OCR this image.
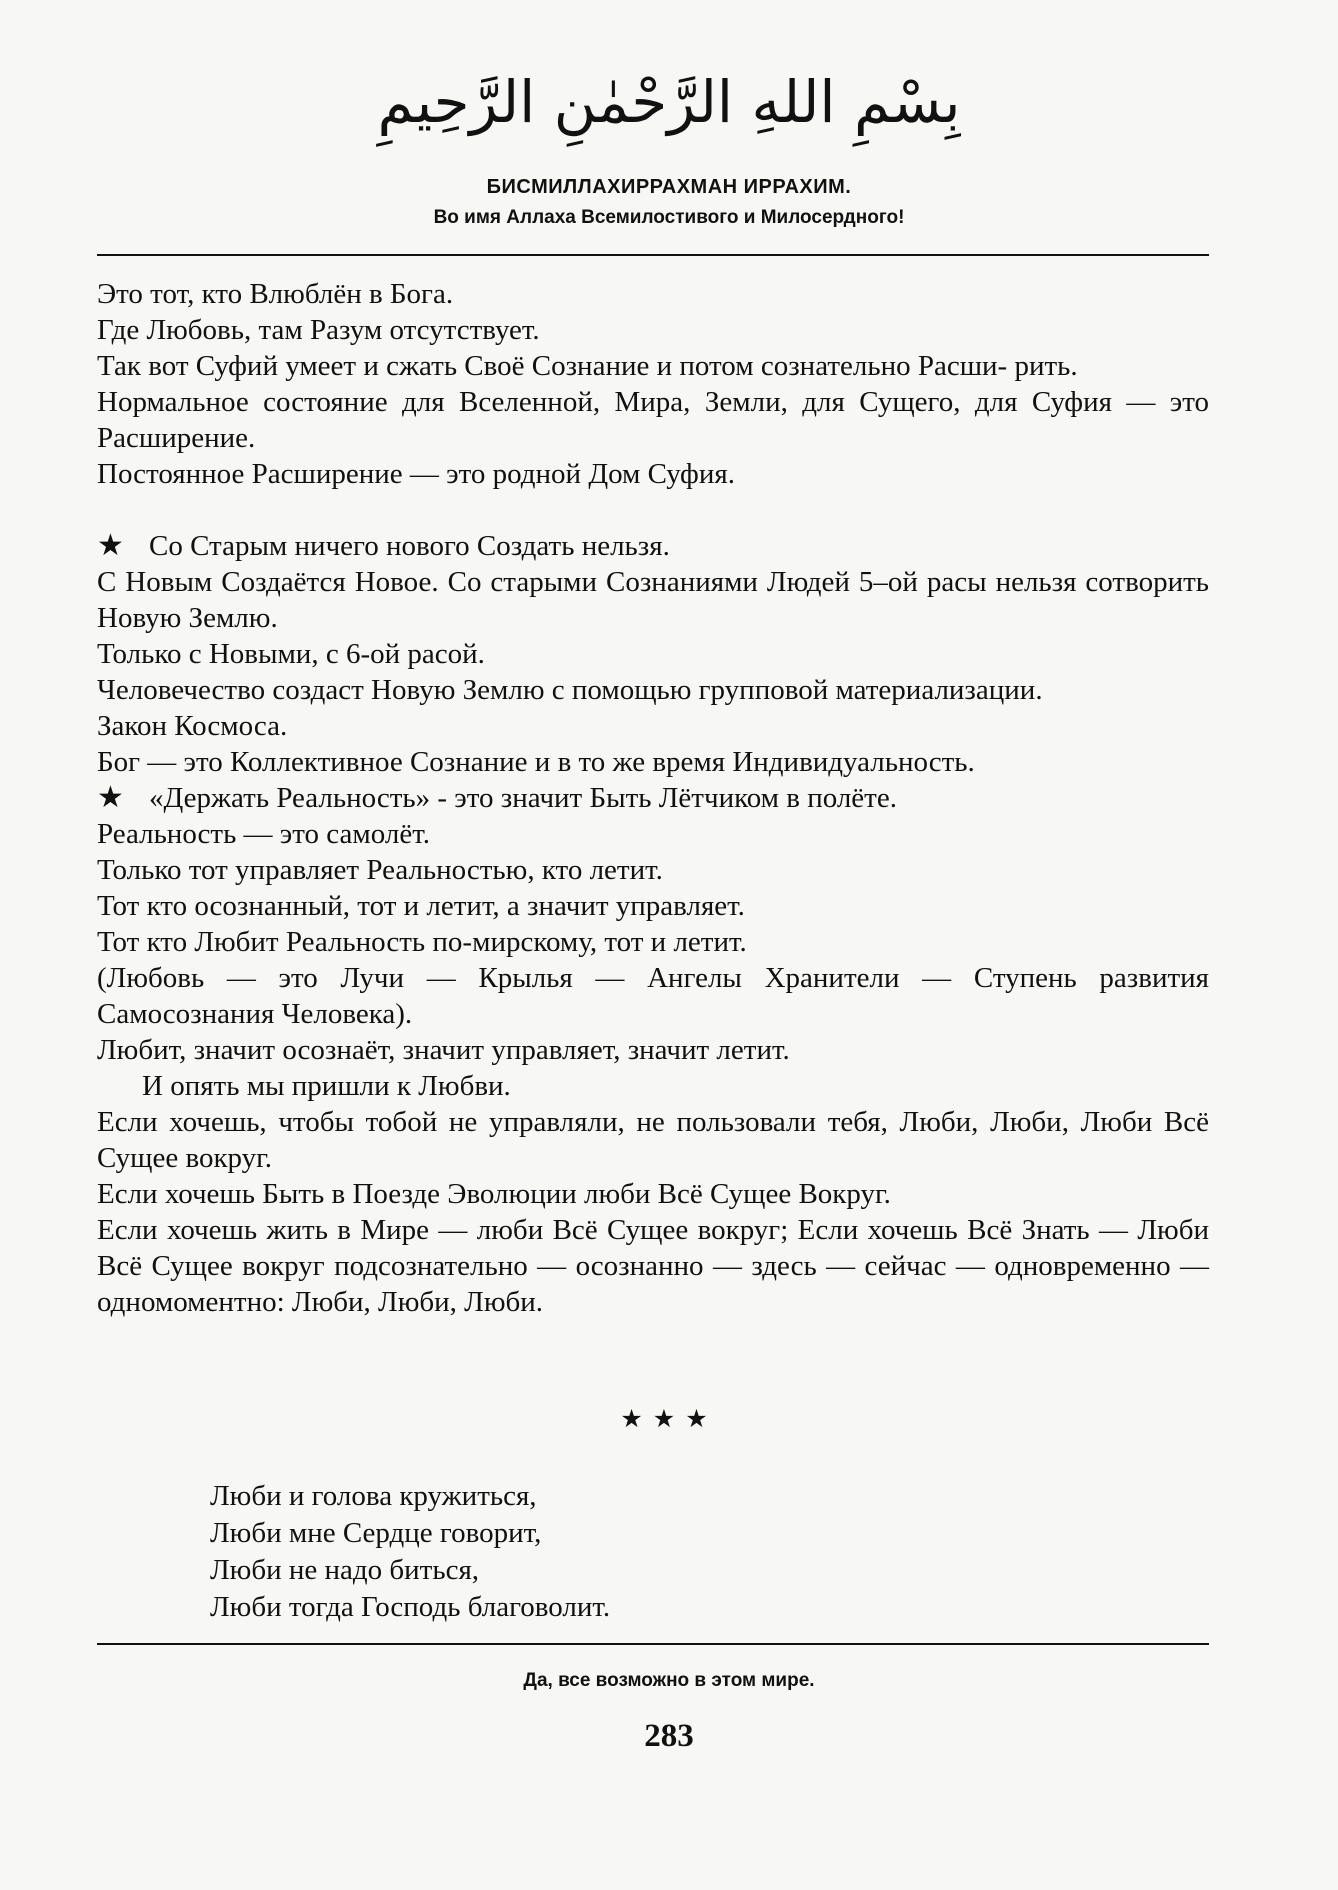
بِسْمِ اللهِ الرَّحْمٰنِ الرَّحِيمِ
БИСМИЛЛАХИРРАХМАН ИРРАХИМ.
Во имя Аллаха Всемилостивого и Милосердного!

Это тот, кто Влюблён в Бога.

Где Любовь, там Разум отсутствует.

Так вот Суфий умеет и сжать Своё Сознание и потом сознательно Расши- рить.

Нормальное состояние для Вселенной, Мира, Земли, для Сущего, для Суфия — это Расширение.

Постоянное Расширение — это родной Дом Суфия.

★ Со Старым ничего нового Создать нельзя.

С Новым Создаётся Новое. Со старыми Сознаниями Людей 5–ой расы нельзя сотворить Новую Землю.

Только с Новыми, с 6-ой расой.

Человечество создаст Новую Землю с помощью групповой материализации.

Закон Космоса.

Бог — это Коллективное Сознание и в то же время Индивидуальность.

★ «Держать Реальность» - это значит Быть Лётчиком в полёте.

Реальность — это самолёт.

Только тот управляет Реальностью, кто летит.

Тот кто осознанный, тот и летит, а значит управляет.

Тот кто Любит Реальность по-мирскому, тот и летит.

(Любовь — это Лучи — Крылья — Ангелы Хранители — Ступень развития Самосознания Человека).

Любит, значит осознаёт, значит управляет, значит летит.

И опять мы пришли к Любви.

Если хочешь, чтобы тобой не управляли, не пользовали тебя, Люби, Люби, Люби Всё Сущее вокруг.

Если хочешь Быть в Поезде Эволюции люби Всё Сущее Вокруг.

Если хочешь жить в Мире — люби Всё Сущее вокруг; Если хочешь Всё Знать — Люби Всё Сущее вокруг подсознательно — осознанно — здесь — сейчас — одновременно — одномоментно: Люби, Люби, Люби.

★★★
Люби и голова кружиться,
Люби мне Сердце говорит,
Люби не надо биться,
Люби тогда Господь благоволит.
Да, все возможно в этом мире.
283
